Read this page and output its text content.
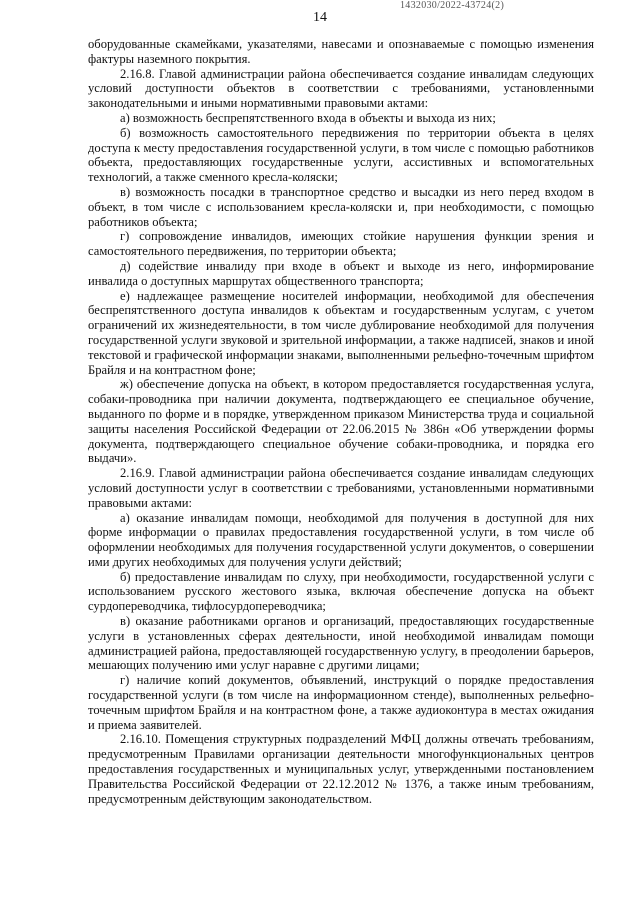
1432030/2022-43724(2)
14

оборудованные скамейками, указателями, навесами и опознаваемые с помощью изменения фактуры наземного покрытия.

2.16.8. Главой администрации района обеспечивается создание инвалидам следующих условий доступности объектов в соответствии с требованиями, установленными законодательными и иными нормативными правовыми актами:

а) возможность беспрепятственного входа в объекты и выхода из них;

б) возможность самостоятельного передвижения по территории объекта в целях доступа к месту предоставления государственной услуги, в том числе с помощью работников объекта, предоставляющих государственные услуги, ассистивных и вспомогательных технологий, а также сменного кресла-коляски;

в) возможность посадки в транспортное средство и высадки из него перед входом в объект, в том числе с использованием кресла-коляски и, при необходимости, с помощью работников объекта;

г) сопровождение инвалидов, имеющих стойкие нарушения функции зрения и самостоятельного передвижения, по территории объекта;

д) содействие инвалиду при входе в объект и выходе из него, информирование инвалида о доступных маршрутах общественного транспорта;

е) надлежащее размещение носителей информации, необходимой для обеспечения беспрепятственного доступа инвалидов к объектам и государственным услугам, с учетом ограничений их жизнедеятельности, в том числе дублирование необходимой для получения государственной услуги звуковой и зрительной информации, а также надписей, знаков и иной текстовой и графической информации знаками, выполненными рельефно-точечным шрифтом Брайля и на контрастном фоне;

ж) обеспечение допуска на объект, в котором предоставляется государственная услуга, собаки-проводника при наличии документа, подтверждающего ее специальное обучение, выданного по форме и в порядке, утвержденном приказом Министерства труда и социальной защиты населения Российской Федерации от 22.06.2015 № 386н «Об утверждении формы документа, подтверждающего специальное обучение собаки-проводника, и порядка его выдачи».

2.16.9. Главой администрации района обеспечивается создание инвалидам следующих условий доступности услуг в соответствии с требованиями, установленными нормативными правовыми актами:

а) оказание инвалидам помощи, необходимой для получения в доступной для них форме информации о правилах предоставления государственной услуги, в том числе об оформлении необходимых для получения государственной услуги документов, о совершении ими других необходимых для получения услуги действий;

б) предоставление инвалидам по слуху, при необходимости, государственной услуги с использованием русского жестового языка, включая обеспечение допуска на объект сурдопереводчика, тифлосурдопереводчика;

в) оказание работниками органов и организаций, предоставляющих государственные услуги в установленных сферах деятельности, иной необходимой инвалидам помощи администрацией района, предоставляющей государственную услугу, в преодолении барьеров, мешающих получению ими услуг наравне с другими лицами;

г) наличие копий документов, объявлений, инструкций о порядке предоставления государственной услуги (в том числе на информационном стенде), выполненных рельефно-точечным шрифтом Брайля и на контрастном фоне, а также аудиоконтура в местах ожидания и приема заявителей.

2.16.10. Помещения структурных подразделений МФЦ должны отвечать требованиям, предусмотренным Правилами организации деятельности многофункциональных центров предоставления государственных и муниципальных услуг, утвержденными постановлением Правительства Российской Федерации от 22.12.2012 № 1376, а также иным требованиям, предусмотренным действующим законодательством.
